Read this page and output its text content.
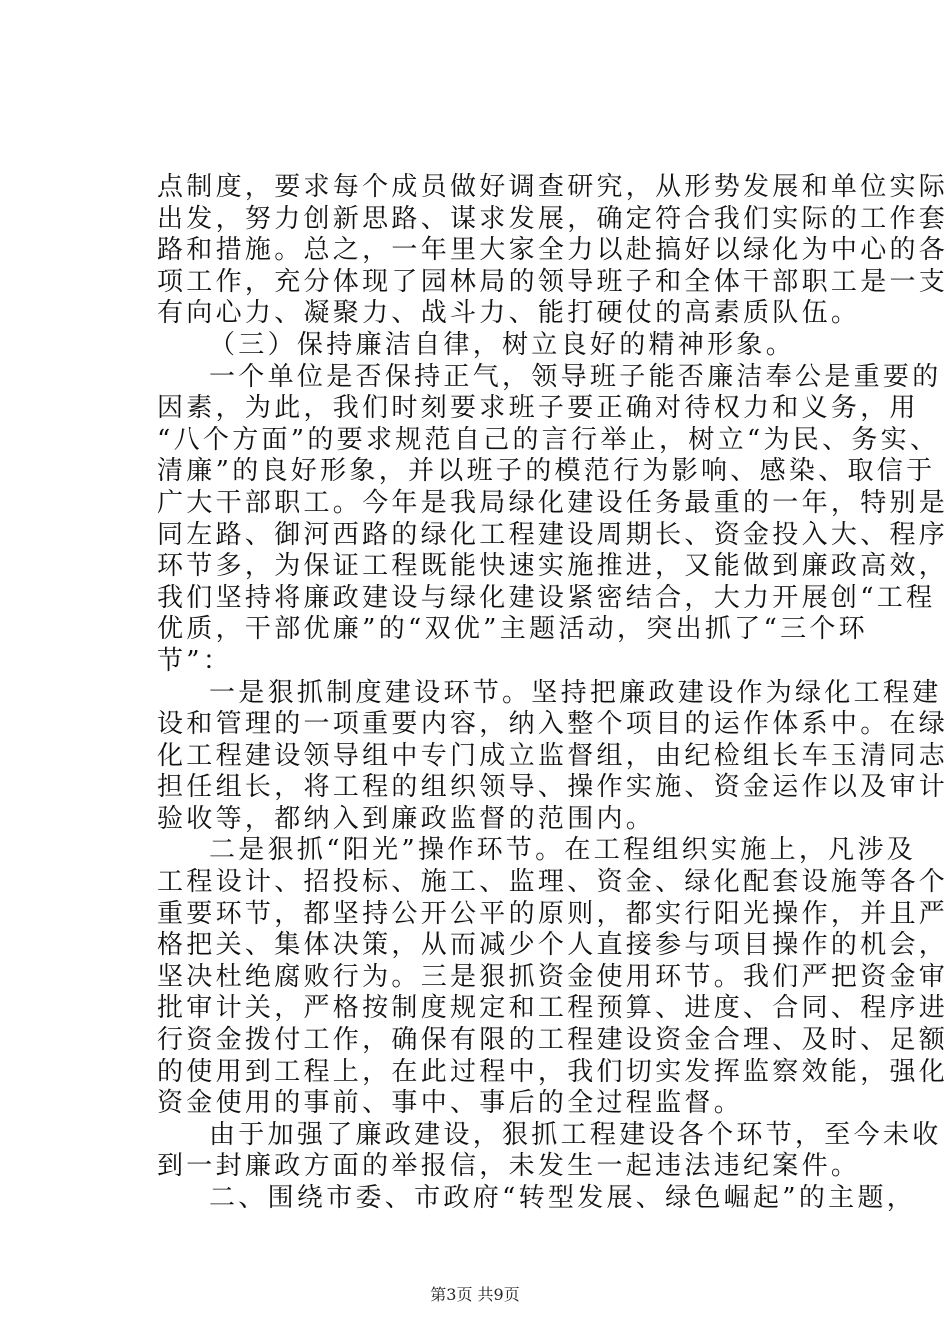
点制度，要求每个成员做好调查研究，从形势发展和单位实际
出发，努力创新思路、谋求发展，确定符合我们实际的工作套
路和措施。总之，一年里大家全力以赴搞好以绿化为中心的各
项工作，充分体现了园林局的领导班子和全体干部职工是一支
有向心力、凝聚力、战斗力、能打硬仗的高素质队伍。
（三）保持廉洁自律，树立良好的精神形象。
一个单位是否保持正气，领导班子能否廉洁奉公是重要的
因素，为此，我们时刻要求班子要正确对待权力和义务，用
“八个方面”的要求规范自己的言行举止，树立“为民、务实、
清廉”的良好形象，并以班子的模范行为影响、感染、取信于
广大干部职工。今年是我局绿化建设任务最重的一年，特别是
同左路、御河西路的绿化工程建设周期长、资金投入大、程序
环节多，为保证工程既能快速实施推进，又能做到廉政高效，
我们坚持将廉政建设与绿化建设紧密结合，大力开展创“工程
优质，干部优廉”的“双优”主题活动，突出抓了“三个环
节”：
一是狠抓制度建设环节。坚持把廉政建设作为绿化工程建
设和管理的一项重要内容，纳入整个项目的运作体系中。在绿
化工程建设领导组中专门成立监督组，由纪检组长车玉清同志
担任组长，将工程的组织领导、操作实施、资金运作以及审计
验收等，都纳入到廉政监督的范围内。
二是狠抓“阳光”操作环节。在工程组织实施上，凡涉及
工程设计、招投标、施工、监理、资金、绿化配套设施等各个
重要环节，都坚持公开公平的原则，都实行阳光操作，并且严
格把关、集体决策，从而减少个人直接参与项目操作的机会，
坚决杜绝腐败行为。三是狠抓资金使用环节。我们严把资金审
批审计关，严格按制度规定和工程预算、进度、合同、程序进
行资金拨付工作，确保有限的工程建设资金合理、及时、足额
的使用到工程上，在此过程中，我们切实发挥监察效能，强化
资金使用的事前、事中、事后的全过程监督。
由于加强了廉政建设，狠抓工程建设各个环节，至今未收
到一封廉政方面的举报信，未发生一起违法违纪案件。
二、围绕市委、市政府“转型发展、绿色崛起”的主题，
第3页 共9页
